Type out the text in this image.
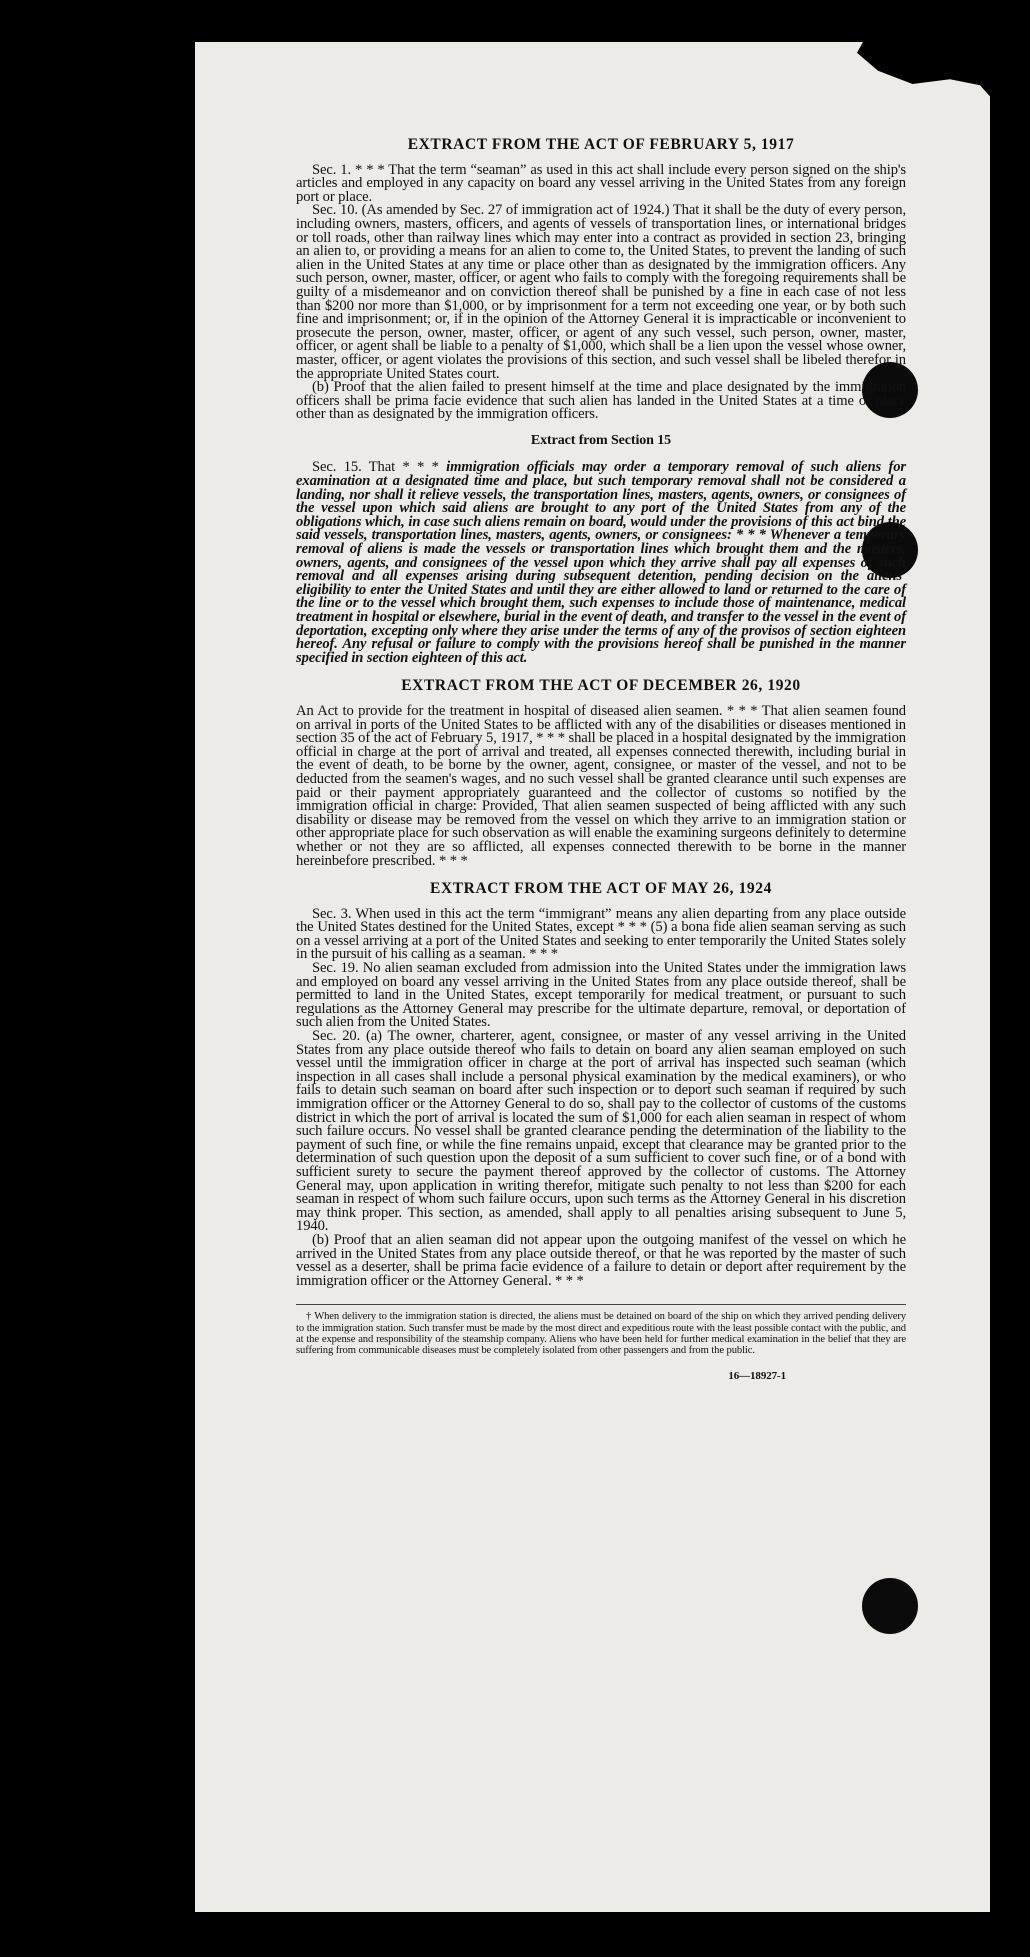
EXTRACT FROM THE ACT OF FEBRUARY 5, 1917

Sec. 1. * * * That the term “seaman” as used in this act shall include every person signed on the ship's articles and employed in any capacity on board any vessel arriving in the United States from any foreign port or place.

Sec. 10. (As amended by Sec. 27 of immigration act of 1924.) That it shall be the duty of every person, including owners, masters, officers, and agents of vessels of transportation lines, or international bridges or toll roads, other than railway lines which may enter into a contract as provided in section 23, bringing an alien to, or providing a means for an alien to come to, the United States, to prevent the landing of such alien in the United States at any time or place other than as designated by the immigration officers. Any such person, owner, master, officer, or agent who fails to comply with the foregoing requirements shall be guilty of a misdemeanor and on conviction thereof shall be punished by a fine in each case of not less than $200 nor more than $1,000, or by imprisonment for a term not exceeding one year, or by both such fine and imprisonment; or, if in the opinion of the Attorney General it is impracticable or inconvenient to prosecute the person, owner, master, officer, or agent of any such vessel, such person, owner, master, officer, or agent shall be liable to a penalty of $1,000, which shall be a lien upon the vessel whose owner, master, officer, or agent violates the provisions of this section, and such vessel shall be libeled therefor in the appropriate United States court.

(b) Proof that the alien failed to present himself at the time and place designated by the immigration officers shall be prima facie evidence that such alien has landed in the United States at a time or place other than as designated by the immigration officers.

Extract from Section 15

Sec. 15. That * * * immigration officials may order a temporary removal of such aliens for examination at a designated time and place, but such temporary removal shall not be considered a landing, nor shall it relieve vessels, the transportation lines, masters, agents, owners, or consignees of the vessel upon which said aliens are brought to any port of the United States from any of the obligations which, in case such aliens remain on board, would under the provisions of this act bind the said vessels, transportation lines, masters, agents, owners, or consignees: * * * Whenever a temporary removal of aliens is made the vessels or transportation lines which brought them and the masters, owners, agents, and consignees of the vessel upon which they arrive shall pay all expenses of such removal and all expenses arising during subsequent detention, pending decision on the aliens' eligibility to enter the United States and until they are either allowed to land or returned to the care of the line or to the vessel which brought them, such expenses to include those of maintenance, medical treatment in hospital or elsewhere, burial in the event of death, and transfer to the vessel in the event of deportation, excepting only where they arise under the terms of any of the provisos of section eighteen hereof. Any refusal or failure to comply with the provisions hereof shall be punished in the manner specified in section eighteen of this act.

EXTRACT FROM THE ACT OF DECEMBER 26, 1920

An Act to provide for the treatment in hospital of diseased alien seamen. * * * That alien seamen found on arrival in ports of the United States to be afflicted with any of the disabilities or diseases mentioned in section 35 of the act of February 5, 1917, * * * shall be placed in a hospital designated by the immigration official in charge at the port of arrival and treated, all expenses connected therewith, including burial in the event of death, to be borne by the owner, agent, consignee, or master of the vessel, and not to be deducted from the seamen's wages, and no such vessel shall be granted clearance until such expenses are paid or their payment appropriately guaranteed and the collector of customs so notified by the immigration official in charge: Provided, That alien seamen suspected of being afflicted with any such disability or disease may be removed from the vessel on which they arrive to an immigration station or other appropriate place for such observation as will enable the examining surgeons definitely to determine whether or not they are so afflicted, all expenses connected therewith to be borne in the manner hereinbefore prescribed. * * *

EXTRACT FROM THE ACT OF MAY 26, 1924

Sec. 3. When used in this act the term “immigrant” means any alien departing from any place outside the United States destined for the United States, except * * * (5) a bona fide alien seaman serving as such on a vessel arriving at a port of the United States and seeking to enter temporarily the United States solely in the pursuit of his calling as a seaman. * * *

Sec. 19. No alien seaman excluded from admission into the United States under the immigration laws and employed on board any vessel arriving in the United States from any place outside thereof, shall be permitted to land in the United States, except temporarily for medical treatment, or pursuant to such regulations as the Attorney General may prescribe for the ultimate departure, removal, or deportation of such alien from the United States.

Sec. 20. (a) The owner, charterer, agent, consignee, or master of any vessel arriving in the United States from any place outside thereof who fails to detain on board any alien seaman employed on such vessel until the immigration officer in charge at the port of arrival has inspected such seaman (which inspection in all cases shall include a personal physical examination by the medical examiners), or who fails to detain such seaman on board after such inspection or to deport such seaman if required by such immigration officer or the Attorney General to do so, shall pay to the collector of customs of the customs district in which the port of arrival is located the sum of $1,000 for each alien seaman in respect of whom such failure occurs. No vessel shall be granted clearance pending the determination of the liability to the payment of such fine, or while the fine remains unpaid, except that clearance may be granted prior to the determination of such question upon the deposit of a sum sufficient to cover such fine, or of a bond with sufficient surety to secure the payment thereof approved by the collector of customs. The Attorney General may, upon application in writing therefor, mitigate such penalty to not less than $200 for each seaman in respect of whom such failure occurs, upon such terms as the Attorney General in his discretion may think proper. This section, as amended, shall apply to all penalties arising subsequent to June 5, 1940.

(b) Proof that an alien seaman did not appear upon the outgoing manifest of the vessel on which he arrived in the United States from any place outside thereof, or that he was reported by the master of such vessel as a deserter, shall be prima facie evidence of a failure to detain or deport after requirement by the immigration officer or the Attorney General. * * *

† When delivery to the immigration station is directed, the aliens must be detained on board of the ship on which they arrived pending delivery to the immigration station. Such transfer must be made by the most direct and expeditious route with the least possible contact with the public, and at the expense and responsibility of the steamship company. Aliens who have been held for further medical examination in the belief that they are suffering from communicable diseases must be completely isolated from other passengers and from the public.

16—18927-1
